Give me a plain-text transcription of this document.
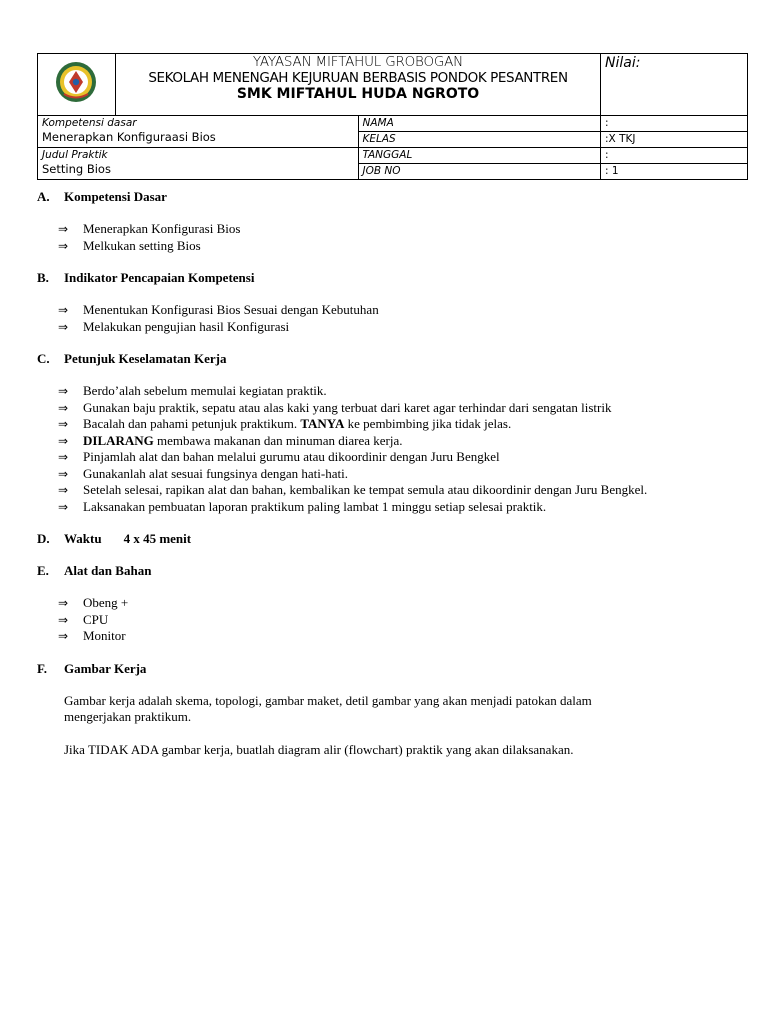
YAYASAN MIFTAHUL GROBOGAN
SEKOLAH MENENGAH KEJURUAN BERBASIS PONDOK PESANTREN
SMK MIFTAHUL HUDA NGROTO		Nilai:

Kompetensi dasar
Menerapkan Konfiguraasi Bios		NAMA	:
		KELAS	:X TKJ

Judul Praktik
Setting Bios		TANGGAL	:
		JOB NO	: 1

A. Kompetensi Dasar

⇒ Menerapkan Konfigurasi Bios
⇒ Melkukan setting Bios

B. Indikator Pencapaian Kompetensi

⇒ Menentukan Konfigurasi Bios Sesuai dengan Kebutuhan
⇒ Melakukan pengujian hasil Konfigurasi

C. Petunjuk Keselamatan Kerja

⇒ Berdo’alah sebelum memulai kegiatan praktik.
⇒ Gunakan baju praktik, sepatu atau alas kaki yang terbuat dari karet agar terhindar dari sengatan listrik
⇒ Bacalah dan pahami petunjuk praktikum. TANYA ke pembimbing jika tidak jelas.
⇒ DILARANG membawa makanan dan minuman diarea kerja.
⇒ Pinjamlah alat dan bahan melalui gurumu atau dikoordinir dengan Juru Bengkel
⇒ Gunakanlah alat sesuai fungsinya dengan hati-hati.
⇒ Setelah selesai, rapikan alat dan bahan, kembalikan ke tempat semula atau dikoordinir dengan Juru Bengkel.
⇒ Laksanakan pembuatan laporan praktikum paling lambat 1 minggu setiap selesai praktik.

D. Waktu 4 x 45 menit

E. Alat dan Bahan

⇒ Obeng +
⇒ CPU
⇒ Monitor

F. Gambar Kerja

Gambar kerja adalah skema, topologi, gambar maket, detil gambar yang akan menjadi patokan dalam
mengerjakan praktikum.

Jika TIDAK ADA gambar kerja, buatlah diagram alir (flowchart) praktik yang akan dilaksanakan.
